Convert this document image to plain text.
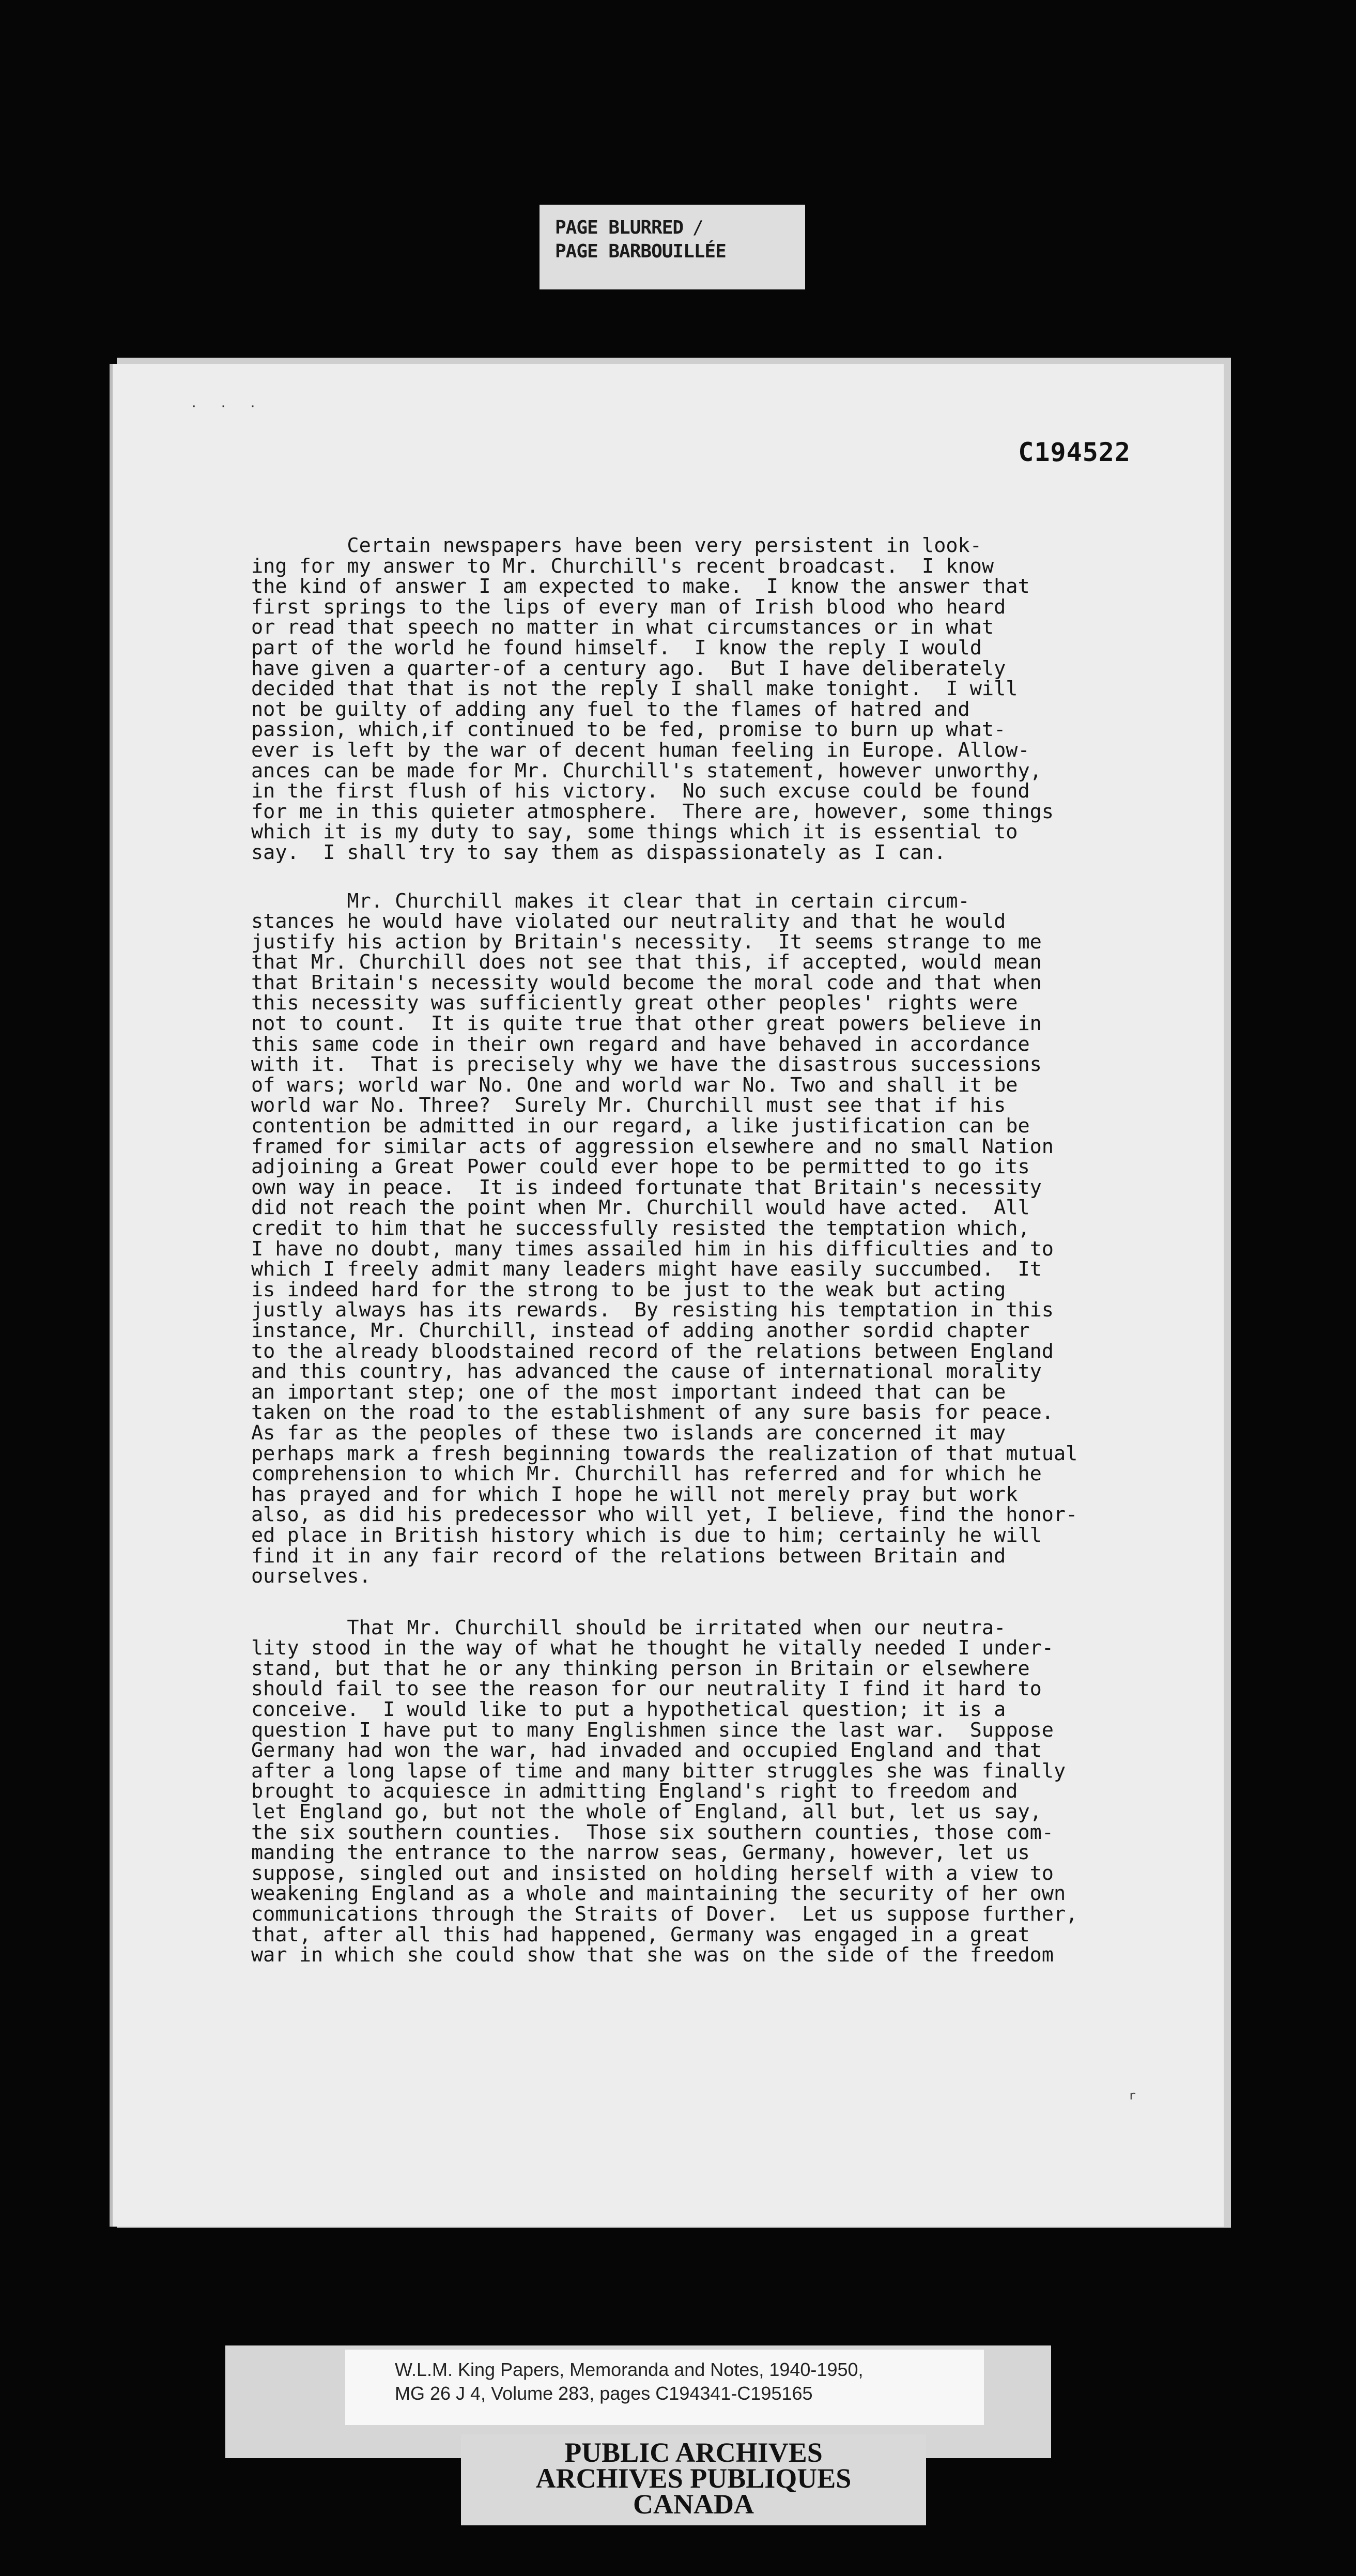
PAGE BLURRED /
PAGE BARBOUILLÉE
. . .
C194522
Certain newspapers have been very persistent in look-
ing for my answer to Mr. Churchill's recent broadcast.  I know
the kind of answer I am expected to make.  I know the answer that
first springs to the lips of every man of Irish blood who heard
or read that speech no matter in what circumstances or in what
part of the world he found himself.  I know the reply I would
have given a quarter-of a century ago.  But I have deliberately
decided that that is not the reply I shall make tonight.  I will
not be guilty of adding any fuel to the flames of hatred and
passion, which,if continued to be fed, promise to burn up what-
ever is left by the war of decent human feeling in Europe. Allow-
ances can be made for Mr. Churchill's statement, however unworthy,
in the first flush of his victory.  No such excuse could be found
for me in this quieter atmosphere.  There are, however, some things
which it is my duty to say, some things which it is essential to
say.  I shall try to say them as dispassionately as I can.
Mr. Churchill makes it clear that in certain circum-
stances he would have violated our neutrality and that he would
justify his action by Britain's necessity.  It seems strange to me
that Mr. Churchill does not see that this, if accepted, would mean
that Britain's necessity would become the moral code and that when
this necessity was sufficiently great other peoples' rights were
not to count.  It is quite true that other great powers believe in
this same code in their own regard and have behaved in accordance
with it.  That is precisely why we have the disastrous successions
of wars; world war No. One and world war No. Two and shall it be
world war No. Three?  Surely Mr. Churchill must see that if his
contention be admitted in our regard, a like justification can be
framed for similar acts of aggression elsewhere and no small Nation
adjoining a Great Power could ever hope to be permitted to go its
own way in peace.  It is indeed fortunate that Britain's necessity
did not reach the point when Mr. Churchill would have acted.  All
credit to him that he successfully resisted the temptation which,
I have no doubt, many times assailed him in his difficulties and to
which I freely admit many leaders might have easily succumbed.  It
is indeed hard for the strong to be just to the weak but acting
justly always has its rewards.  By resisting his temptation in this
instance, Mr. Churchill, instead of adding another sordid chapter
to the already bloodstained record of the relations between England
and this country, has advanced the cause of international morality
an important step; one of the most important indeed that can be
taken on the road to the establishment of any sure basis for peace.
As far as the peoples of these two islands are concerned it may
perhaps mark a fresh beginning towards the realization of that mutual
comprehension to which Mr. Churchill has referred and for which he
has prayed and for which I hope he will not merely pray but work
also, as did his predecessor who will yet, I believe, find the honor-
ed place in British history which is due to him; certainly he will
find it in any fair record of the relations between Britain and
ourselves.
That Mr. Churchill should be irritated when our neutra-
lity stood in the way of what he thought he vitally needed I under-
stand, but that he or any thinking person in Britain or elsewhere
should fail to see the reason for our neutrality I find it hard to
conceive.  I would like to put a hypothetical question; it is a
question I have put to many Englishmen since the last war.  Suppose
Germany had won the war, had invaded and occupied England and that
after a long lapse of time and many bitter struggles she was finally
brought to acquiesce in admitting England's right to freedom and
let England go, but not the whole of England, all but, let us say,
the six southern counties.  Those six southern counties, those com-
manding the entrance to the narrow seas, Germany, however, let us
suppose, singled out and insisted on holding herself with a view to
weakening England as a whole and maintaining the security of her own
communications through the Straits of Dover.  Let us suppose further,
that, after all this had happened, Germany was engaged in a great
war in which she could show that she was on the side of the freedom
r
W.L.M. King Papers, Memoranda and Notes, 1940-1950,
MG 26 J 4, Volume 283, pages C194341-C195165
PUBLIC ARCHIVES
ARCHIVES PUBLIQUES
CANADA
